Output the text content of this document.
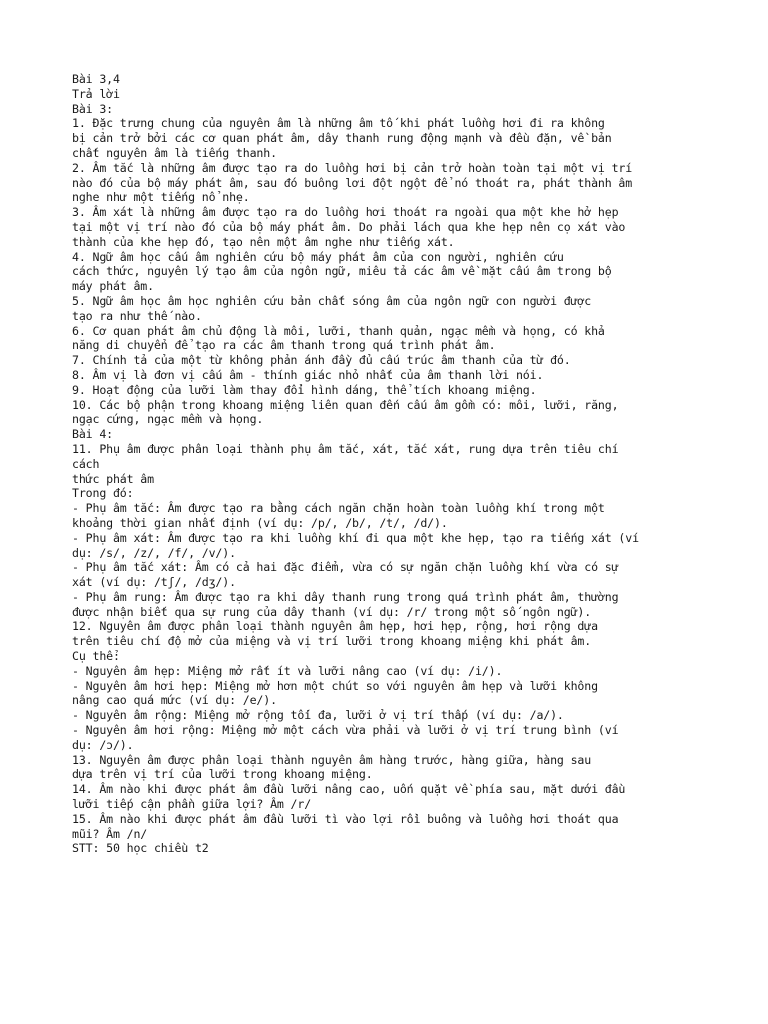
Bài 3,4
Trả lời
Bài 3:
1. Đặc trưng chung của nguyên âm là những âm tố khi phát luồng hơi đi ra không
bị cản trở bởi các cơ quan phát âm, dây thanh rung động mạnh và đều đặn, về bản
chất nguyên âm là tiếng thanh.
2. Âm tắc là những âm được tạo ra do luồng hơi bị cản trở hoàn toàn tại một vị trí
nào đó của bộ máy phát âm, sau đó buông lơi đột ngột để nó thoát ra, phát thành âm
nghe như một tiếng nổ nhẹ.
3. Âm xát là những âm được tạo ra do luồng hơi thoát ra ngoài qua một khe hở hẹp
tại một vị trí nào đó của bộ máy phát âm. Do phải lách qua khe hẹp nên cọ xát vào
thành của khe hẹp đó, tạo nên một âm nghe như tiếng xát.
4. Ngữ âm học cấu âm nghiên cứu bộ máy phát âm của con người, nghiên cứu
cách thức, nguyên lý tạo âm của ngôn ngữ, miêu tả các âm về mặt cấu âm trong bộ
máy phát âm.
5. Ngữ âm học âm học nghiên cứu bản chất sóng âm của ngôn ngữ con người được
tạo ra như thế nào.
6. Cơ quan phát âm chủ động là môi, lưỡi, thanh quản, ngạc mềm và họng, có khả
năng di chuyển để tạo ra các âm thanh trong quá trình phát âm.
7. Chính tả của một từ không phản ánh đầy đủ cấu trúc âm thanh của từ đó.
8. Âm vị là đơn vị cấu âm - thính giác nhỏ nhất của âm thanh lời nói.
9. Hoạt động của lưỡi làm thay đổi hình dáng, thể tích khoang miệng.
10. Các bộ phận trong khoang miệng liên quan đến cấu âm gồm có: môi, lưỡi, răng,
ngạc cứng, ngạc mềm và họng.
Bài 4:
11. Phụ âm được phân loại thành phụ âm tắc, xát, tắc xát, rung dựa trên tiêu chí
cách
thức phát âm
Trong đó:
- Phụ âm tắc: Âm được tạo ra bằng cách ngăn chặn hoàn toàn luồng khí trong một
khoảng thời gian nhất định (ví dụ: /p/, /b/, /t/, /d/).
- Phụ âm xát: Âm được tạo ra khi luồng khí đi qua một khe hẹp, tạo ra tiếng xát (ví
dụ: /s/, /z/, /f/, /v/).
- Phụ âm tắc xát: Âm có cả hai đặc điểm, vừa có sự ngăn chặn luồng khí vừa có sự
xát (ví dụ: /tʃ/, /dʒ/).
- Phụ âm rung: Âm được tạo ra khi dây thanh rung trong quá trình phát âm, thường
được nhận biết qua sự rung của dây thanh (ví dụ: /r/ trong một số ngôn ngữ).
12. Nguyên âm được phân loại thành nguyên âm hẹp, hơi hẹp, rộng, hơi rộng dựa
trên tiêu chí độ mở của miệng và vị trí lưỡi trong khoang miệng khi phát âm.
Cụ thể:
- Nguyên âm hẹp: Miệng mở rất ít và lưỡi nâng cao (ví dụ: /i/).
- Nguyên âm hơi hẹp: Miệng mở hơn một chút so với nguyên âm hẹp và lưỡi không
nâng cao quá mức (ví dụ: /e/).
- Nguyên âm rộng: Miệng mở rộng tối đa, lưỡi ở vị trí thấp (ví dụ: /a/).
- Nguyên âm hơi rộng: Miệng mở một cách vừa phải và lưỡi ở vị trí trung bình (ví
dụ: /ɔ/).
13. Nguyên âm được phân loại thành nguyên âm hàng trước, hàng giữa, hàng sau
dựa trên vị trí của lưỡi trong khoang miệng.
14. Âm nào khi được phát âm đầu lưỡi nâng cao, uốn quặt về phía sau, mặt dưới đầu
lưỡi tiếp cận phần giữa lợi? Âm /r/
15. Âm nào khi được phát âm đầu lưỡi tì vào lợi rồi buông và luồng hơi thoát qua
mũi? Âm /n/
STT: 50 học chiều t2
